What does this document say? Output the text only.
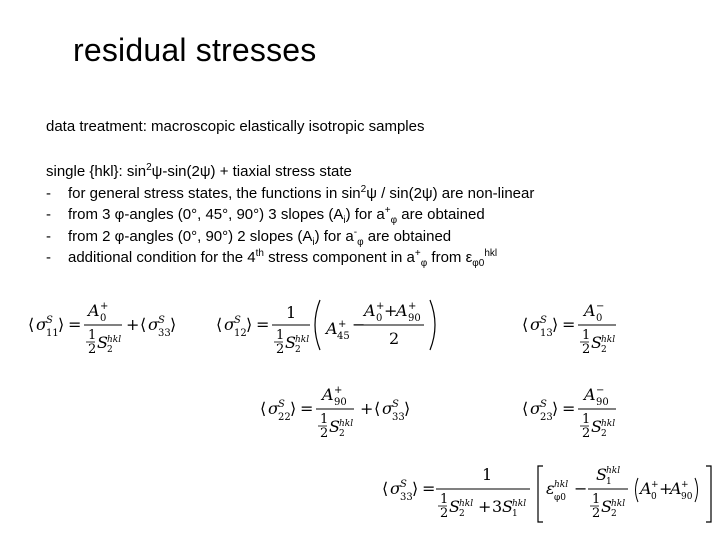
residual stresses
data treatment: macroscopic elastically isotropic samples
single {hkl}: $\sin^2\psi-\sin(2\psi)$ + tiaxial stress state
- for general stress states, the functions in $\sin^2\psi / \sin(2\psi)$ are non-linear
- from 3 φ-angles (0°, 45°, 90°) 3 slopes $(A_i)$ for $a^+_\varphi$ are obtained
- from 2 φ-angles (0°, 90°) 2 slopes $(A_i)$ for $a^-_\varphi$ are obtained
- additional condition for the 4th stress component in $a^+_\varphi$ from $\varepsilon_{\varphi 0}^{hkl}$
⟨ σ S
11 ⟩ =
A +
0
1
2 S hkl
2
+ ⟨ σ S
33 ⟩ ⟨ σ S
12 ⟩ =
1
1
2 S hkl
2
A +
45
−
A +
0 +
A +
90
2
⟨ σ S
13 ⟩ =
A −
0
1
2 S hkl
2
⟨ σ S
22 ⟩ =
A +
90
1
2 S hkl
2
+ ⟨ σ S
33 ⟩	⟨ σ S
23 ⟩ =
A −
90
1
2 S hkl
2
⟨ σ S
33 ⟩ =
1
1
2 S hkl
2 + 3 S hkl
1
ε hkl
φ0 −
S hkl
1
1
2 S hkl
2
⟨ A +
0 +
A +
90
